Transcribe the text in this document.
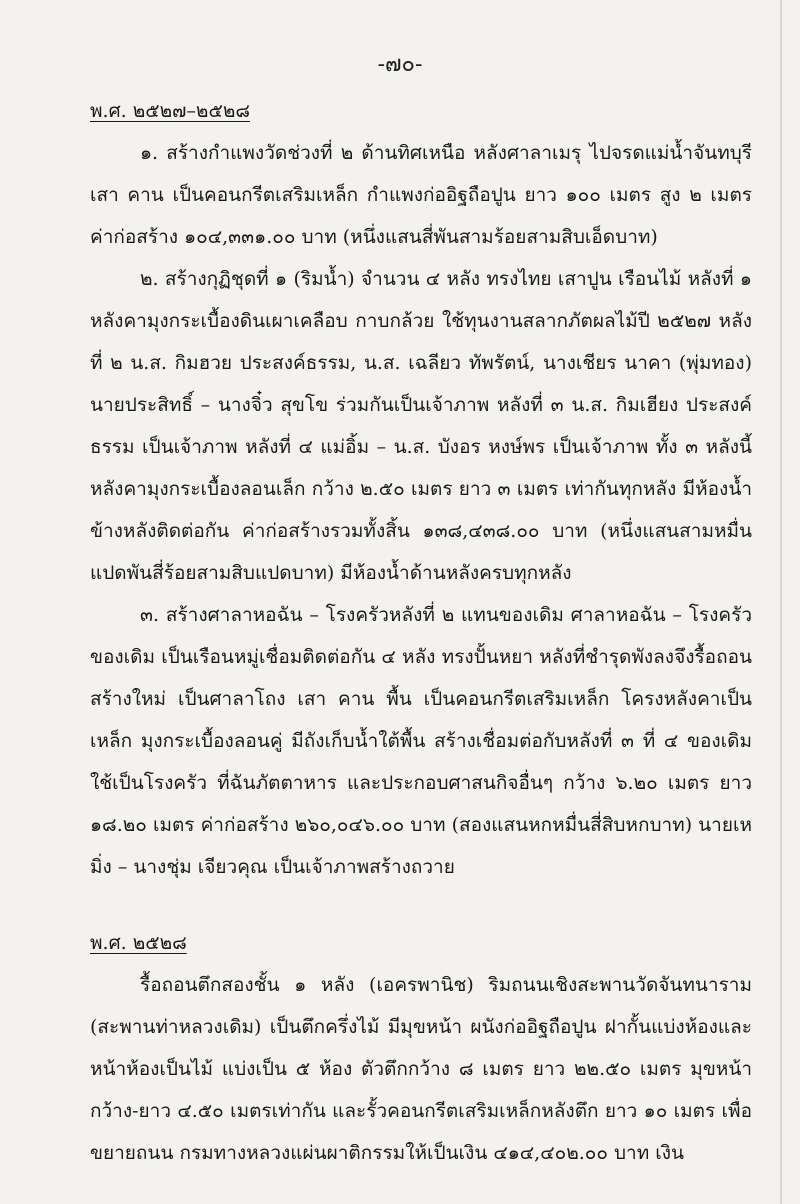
-๗๐-
พ.ศ. ๒๕๒๗–๒๕๒๘

๑. สร้างกำแพงวัดช่วงที่ ๒ ด้านทิศเหนือ หลังศาลาเมรุ ไปจรดแม่น้ำจันทบุรี เสา คาน เป็นคอนกรีตเสริมเหล็ก กำแพงก่ออิฐถือปูน ยาว ๑๐๐ เมตร สูง ๒ เมตร ค่าก่อสร้าง ๑๐๔,๓๓๑.๐๐ บาท (หนึ่งแสนสี่พันสามร้อยสามสิบเอ็ดบาท)

๒. สร้างกุฏิชุดที่ ๑ (ริมน้ำ) จำนวน ๔ หลัง ทรงไทย เสาปูน เรือนไม้ หลังที่ ๑ หลังคามุงกระเบื้องดินเผาเคลือบ กาบกล้วย ใช้ทุนงานสลากภัตผลไม้ปี ๒๕๒๗ หลังที่ ๒ น.ส. กิมฮวย ประสงค์ธรรม, น.ส. เฉลียว ทัพรัตน์, นางเชียร นาคา (พุ่มทอง) นายประสิทธิ์ – นางจิ๋ว สุขโข ร่วมกันเป็นเจ้าภาพ หลังที่ ๓ น.ส. กิมเฮียง ประสงค์ธรรม เป็นเจ้าภาพ หลังที่ ๔ แม่อิ้ม – น.ส. บังอร หงษ์พร เป็นเจ้าภาพ ทั้ง ๓ หลังนี้ หลังคามุงกระเบื้องลอนเล็ก กว้าง ๒.๕๐ เมตร ยาว ๓ เมตร เท่ากันทุกหลัง มีห้องน้ำข้างหลังติดต่อกัน ค่าก่อสร้างรวมทั้งสิ้น ๑๓๘,๔๓๘.๐๐ บาท (หนึ่งแสนสามหมื่นแปดพันสี่ร้อยสามสิบแปดบาท) มีห้องน้ำด้านหลังครบทุกหลัง

๓. สร้างศาลาหอฉัน – โรงครัวหลังที่ ๒ แทนของเดิม ศาลาหอฉัน – โรงครัวของเดิม เป็นเรือนหมู่เชื่อมติดต่อกัน ๔ หลัง ทรงปั้นหยา หลังที่ชำรุดพังลงจึงรื้อถอนสร้างใหม่ เป็นศาลาโถง เสา คาน พื้น เป็นคอนกรีตเสริมเหล็ก โครงหลังคาเป็นเหล็ก มุงกระเบื้องลอนคู่ มีถังเก็บน้ำใต้พื้น สร้างเชื่อมต่อกับหลังที่ ๓ ที่ ๔ ของเดิม ใช้เป็นโรงครัว ที่ฉันภัตตาหาร และประกอบศาสนกิจอื่นๆ กว้าง ๖.๒๐ เมตร ยาว ๑๘.๒๐ เมตร ค่าก่อสร้าง ๒๖๐,๐๔๖.๐๐ บาท (สองแสนหกหมื่นสี่สิบหกบาท) นายเหมิ่ง – นางชุ่ม เจียวคุณ เป็นเจ้าภาพสร้างถวาย

พ.ศ. ๒๕๒๘

รื้อถอนตึกสองชั้น ๑ หลัง (เอครพานิช) ริมถนนเชิงสะพานวัดจันทนาราม (สะพานท่าหลวงเดิม) เป็นตึกครึ่งไม้ มีมุขหน้า ผนังก่ออิฐถือปูน ฝากั้นแบ่งห้องและหน้าห้องเป็นไม้ แบ่งเป็น ๕ ห้อง ตัวตึกกว้าง ๘ เมตร ยาว ๒๒.๕๐ เมตร มุขหน้ากว้าง-ยาว ๔.๕๐ เมตรเท่ากัน และรั้วคอนกรีตเสริมเหล็กหลังตึก ยาว ๑๐ เมตร เพื่อขยายถนน กรมทางหลวงแผ่นผาติกรรมให้เป็นเงิน ๔๑๔,๔๐๒.๐๐ บาท เงิน
